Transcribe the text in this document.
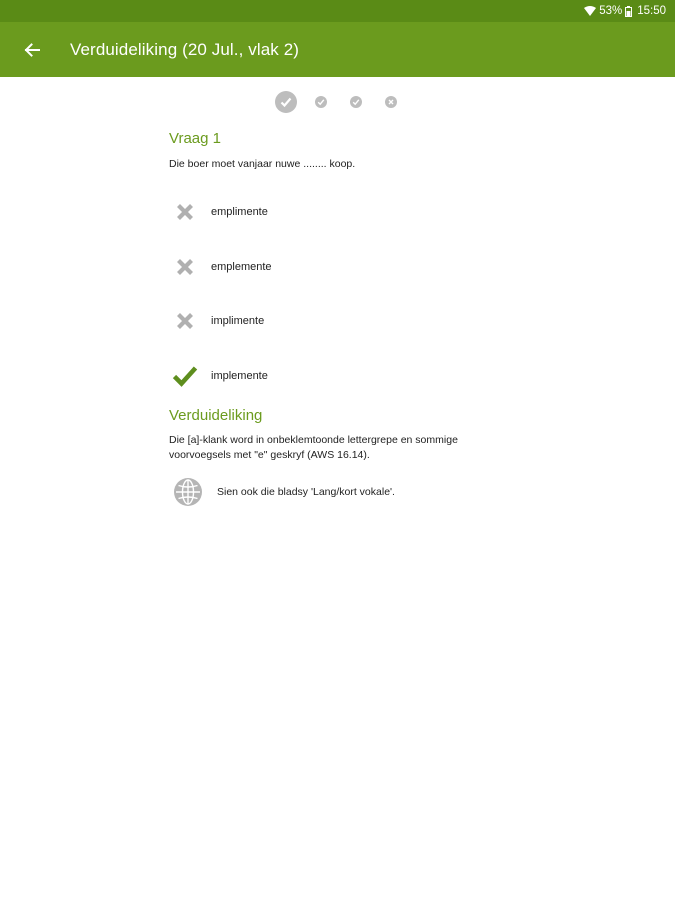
53% 15:50
Verduideliking (20 Jul., vlak 2)
Vraag 1

Die boer moet vanjaar nuwe ........ koop.

emplimente
emplemente
implimente
implemente
Verduideliking

Die [a]-klank word in onbeklemtoonde lettergrepe en sommige voorvoegsels met "e" geskryf (AWS 16.14).

Sien ook die bladsy 'Lang/kort vokale'.
